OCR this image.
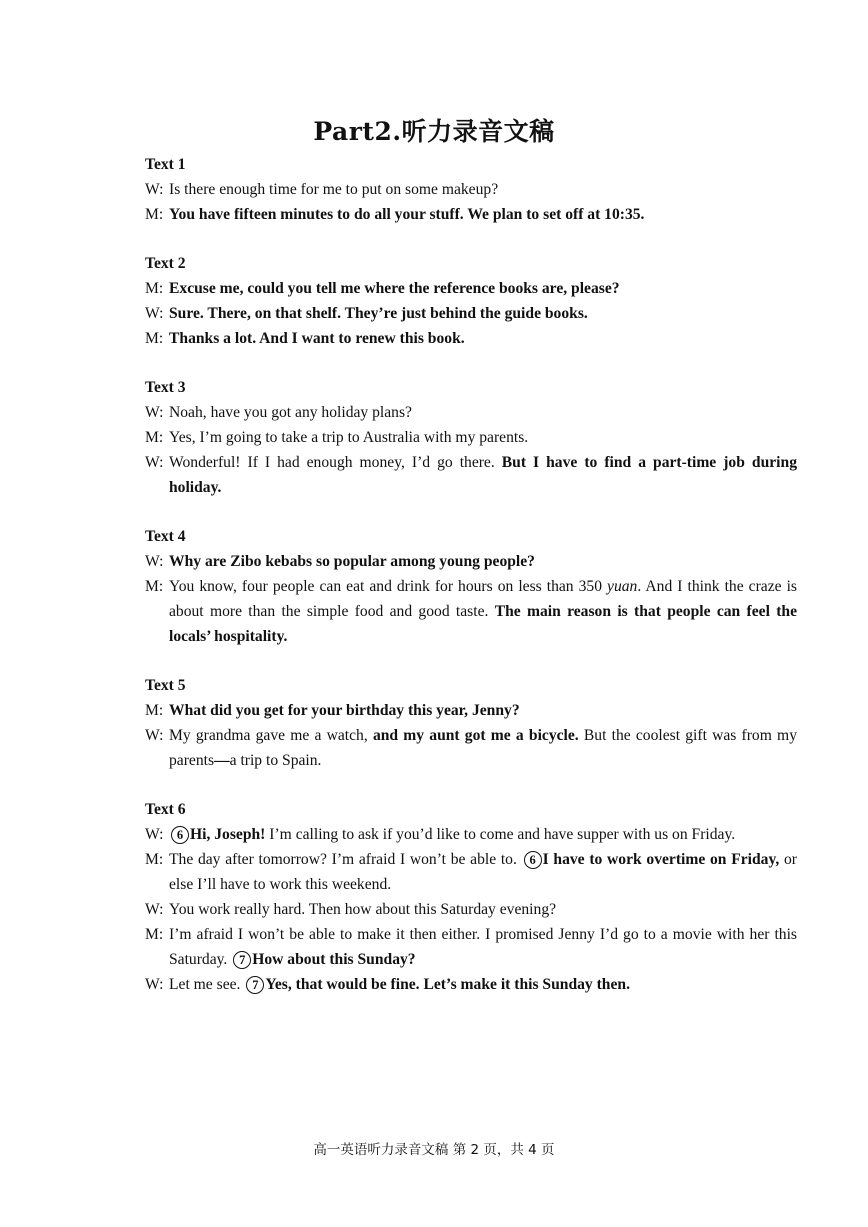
Part2.听力录音文稿
Text 1
W: Is there enough time for me to put on some makeup?
M: You have fifteen minutes to do all your stuff. We plan to set off at 10:35.
Text 2
M: Excuse me, could you tell me where the reference books are, please?
W: Sure. There, on that shelf. They’re just behind the guide books.
M: Thanks a lot. And I want to renew this book.
Text 3
W: Noah, have you got any holiday plans?
M: Yes, I’m going to take a trip to Australia with my parents.
W: Wonderful! If I had enough money, I’d go there. But I have to find a part-time job during holiday.
Text 4
W: Why are Zibo kebabs so popular among young people?
M: You know, four people can eat and drink for hours on less than 350 yuan. And I think the craze is about more than the simple food and good taste. The main reason is that people can feel the locals’ hospitality.
Text 5
M: What did you get for your birthday this year, Jenny?
W: My grandma gave me a watch, and my aunt got me a bicycle. But the coolest gift was from my parents—a trip to Spain.
Text 6
W:	6 Hi, Joseph! I’m calling to ask if you’d like to come and have supper with us on Friday.
M: The day after tomorrow? I’m afraid I won’t be able to. 6 I have to work overtime on Friday, or else I’ll have to work this weekend.
W: You work really hard. Then how about this Saturday evening?
M: I’m afraid I won’t be able to make it then either. I promised Jenny I’d go to a movie with her this Saturday. 7 How about this Sunday?
W: Let me see. 7 Yes, that would be fine. Let’s make it this Sunday then.
高一英语听力录音文稿 第 2 页，共 4 页
